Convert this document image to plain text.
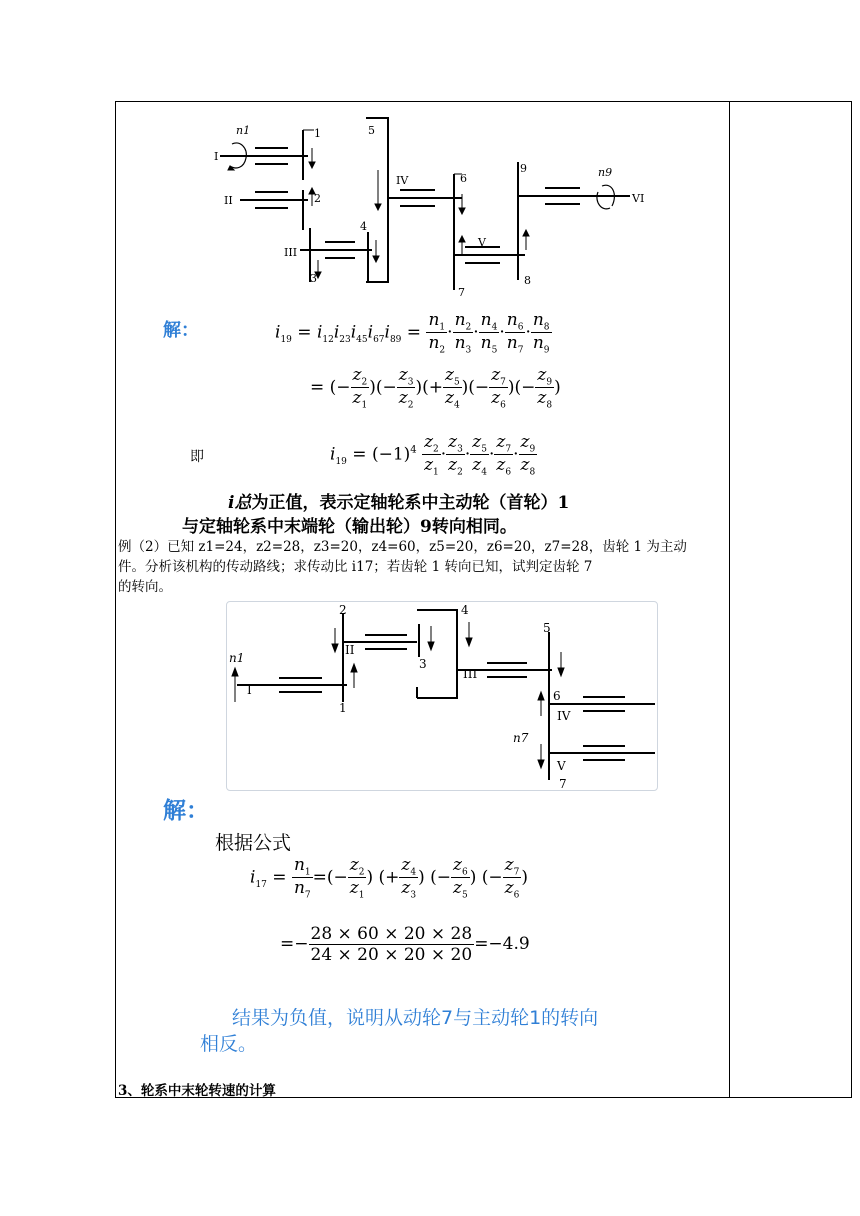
I
II
III
IV
V
VI
1
2
3
4
5
6
7
8
9
n1
n9
解：	$i_{19} = i_{12}i_{23}i_{45}i_{67}i_{89} = \frac{n_1}{n_2} \cdot \frac{n_2}{n_3} \cdot \frac{n_4}{n_5} \cdot \frac{n_6}{n_7} \cdot \frac{n_8}{n_9}$
= (− $\frac{z_2}{z_1}$ )(− $\frac{z_3}{z_2}$ )(+ $\frac{z_5}{z_4}$ )(− $\frac{z_7}{z_6}$ )(− $\frac{z_9}{z_8}$ )
即	$i_{19} = (-1)^4 \frac{z_2}{z_1} \cdot \frac{z_3}{z_2} \cdot \frac{z_5}{z_4} \cdot \frac{z_7}{z_6} \cdot \frac{z_9}{z_8}$
i总为正值，表示定轴轮系中主动轮（首轮）1
与定轴轮系中末端轮（输出轮）9转向相同。
例（2）已知 z1=24，z2=28，z3=20，z4=60，z5=20，z6=20，z7=28，齿轮 1 为主动
件。分析该机构的传动路线；求传动比 i17；若齿轮 1 转向已知，试判定齿轮 7
的转向。
I
II
III
IV
V
1
2
3
4
5
6
7
n1
n7
解：
根据公式
$i_{17} = \frac{n_1}{n_7}$ =(− $\frac{z_2}{z_1}$ ) (+ $\frac{z_4}{z_3}$ ) (− $\frac{z_6}{z_5}$ ) (− $\frac{z_7}{z_6}$ )
=− $\frac{28 \times 60 \times 20 \times 28}{24 \times 20 \times 20 \times 20} =-4.9$
结果为负值，说明从动轮7与主动轮1的转向
相反。
3、轮系中末轮转速的计算
